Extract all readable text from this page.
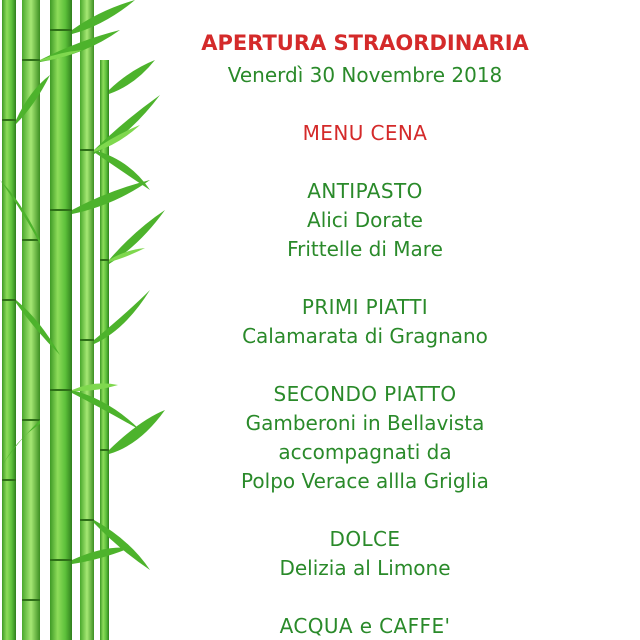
APERTURA STRAORDINARIA
Venerdì 30 Novembre 2018
MENU CENA
ANTIPASTO
Alici Dorate
Frittelle di Mare
PRIMI PIATTI
Calamarata di Gragnano
SECONDO PIATTO
Gamberoni in Bellavista
accompagnati da
Polpo Verace allla Griglia
DOLCE
Delizia al Limone
ACQUA e CAFFE'
